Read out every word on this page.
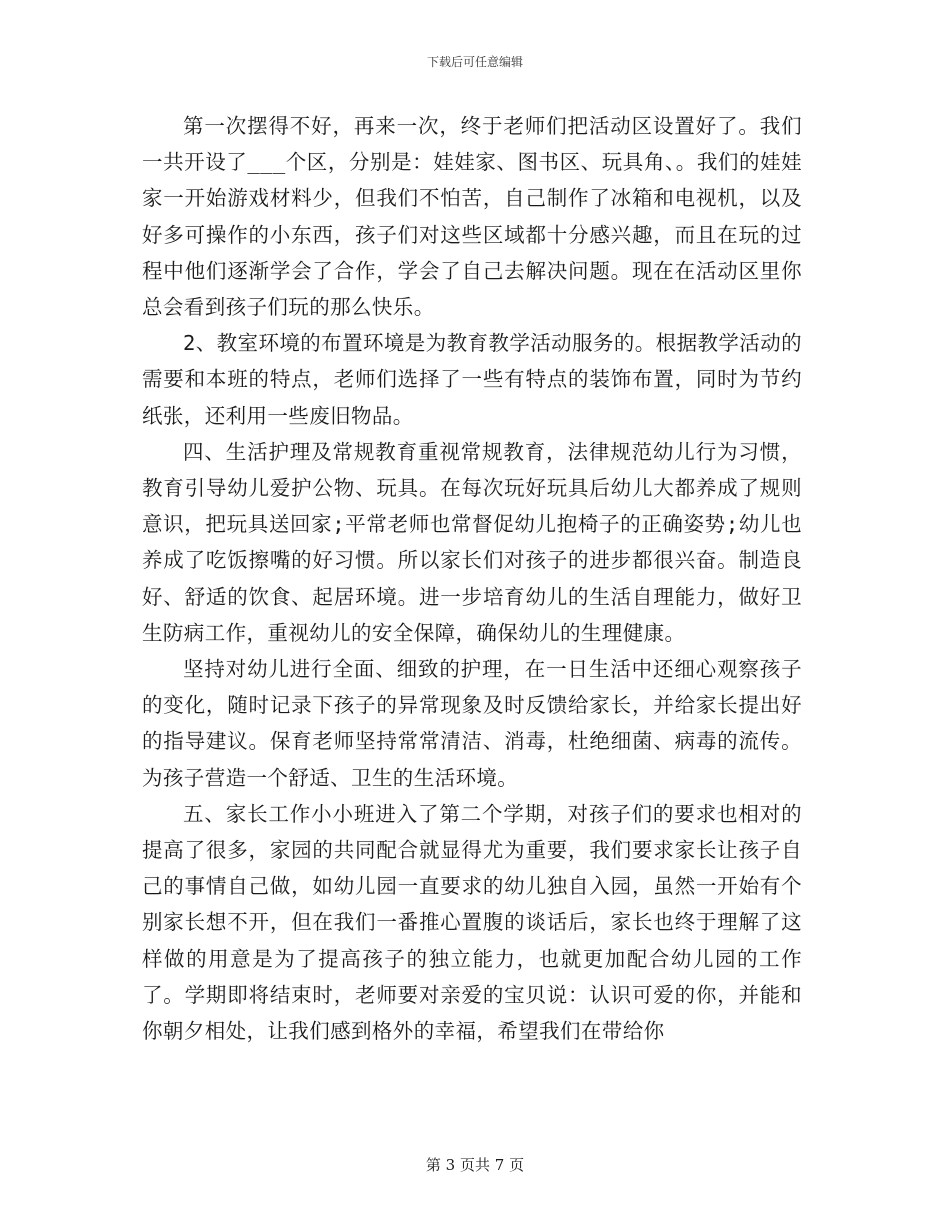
下载后可任意编辑

第一次摆得不好，再来一次，终于老师们把活动区设置好了。我们一共开设了___个区，分别是：娃娃家、图书区、玩具角、。我们的娃娃家一开始游戏材料少，但我们不怕苦，自己制作了冰箱和电视机，以及好多可操作的小东西，孩子们对这些区域都十分感兴趣，而且在玩的过程中他们逐渐学会了合作，学会了自己去解决问题。现在在活动区里你总会看到孩子们玩的那么快乐。

2、教室环境的布置环境是为教育教学活动服务的。根据教学活动的需要和本班的特点，老师们选择了一些有特点的装饰布置，同时为节约纸张，还利用一些废旧物品。

四、生活护理及常规教育重视常规教育，法律规范幼儿行为习惯，教育引导幼儿爱护公物、玩具。在每次玩好玩具后幼儿大都养成了规则意识，把玩具送回家;平常老师也常督促幼儿抱椅子的正确姿势;幼儿也养成了吃饭擦嘴的好习惯。所以家长们对孩子的进步都很兴奋。制造良好、舒适的饮食、起居环境。进一步培育幼儿的生活自理能力，做好卫生防病工作，重视幼儿的安全保障，确保幼儿的生理健康。

坚持对幼儿进行全面、细致的护理，在一日生活中还细心观察孩子的变化，随时记录下孩子的异常现象及时反馈给家长，并给家长提出好的指导建议。保育老师坚持常常清洁、消毒，杜绝细菌、病毒的流传。为孩子营造一个舒适、卫生的生活环境。

五、家长工作小小班进入了第二个学期，对孩子们的要求也相对的提高了很多，家园的共同配合就显得尤为重要，我们要求家长让孩子自己的事情自己做，如幼儿园一直要求的幼儿独自入园，虽然一开始有个别家长想不开，但在我们一番推心置腹的谈话后，家长也终于理解了这样做的用意是为了提高孩子的独立能力，也就更加配合幼儿园的工作了。学期即将结束时，老师要对亲爱的宝贝说：认识可爱的你，并能和你朝夕相处，让我们感到格外的幸福，希望我们在带给你

第 3 页共 7 页
